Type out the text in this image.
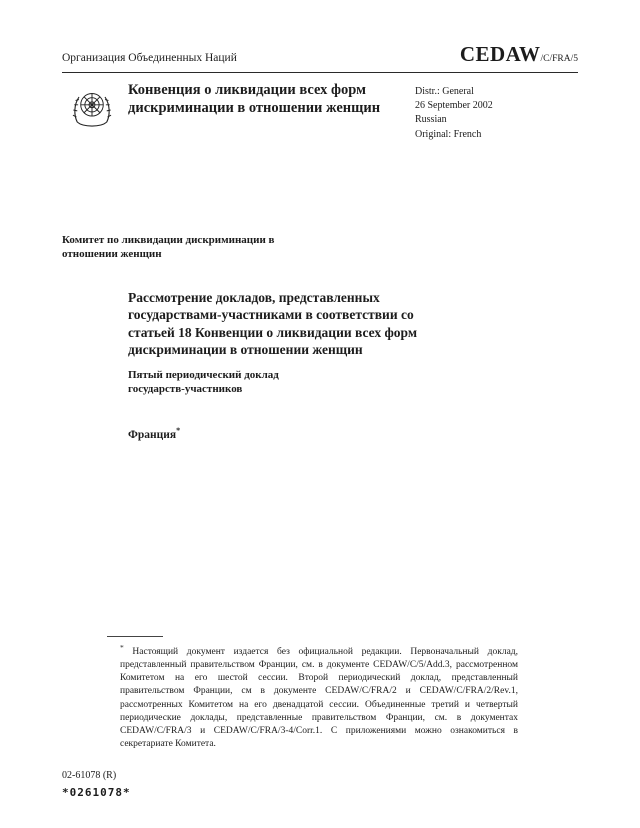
Организация Объединенных Наций	CEDAW/C/FRA/5
Конвенция о ликвидации всех форм дискриминации в отношении женщин
Distr.: General
26 September 2002
Russian
Original: French
Комитет по ликвидации дискриминации в отношении женщин
Рассмотрение докладов, представленных государствами-участниками в соответствии со статьей 18 Конвенции о ликвидации всех форм дискриминации в отношении женщин
Пятый периодический доклад государств-участников
Франция*
* Настоящий документ издается без официальной редакции. Первоначальный доклад, представленный правительством Франции, см. в документе CEDAW/C/5/Add.3, рассмотренном Комитетом на его шестой сессии. Второй периодический доклад, представленный правительством Франции, см в документе CEDAW/C/FRA/2 и CEDAW/C/FRA/2/Rev.1, рассмотренных Комитетом на его двенадцатой сессии. Объединенные третий и четвертый периодические доклады, представленные правительством Франции, см. в документах CEDAW/C/FRA/3 и CEDAW/C/FRA/3-4/Corr.1. С приложениями можно ознакомиться в секретариате Комитета.
02-61078 (R)
*0261078*
